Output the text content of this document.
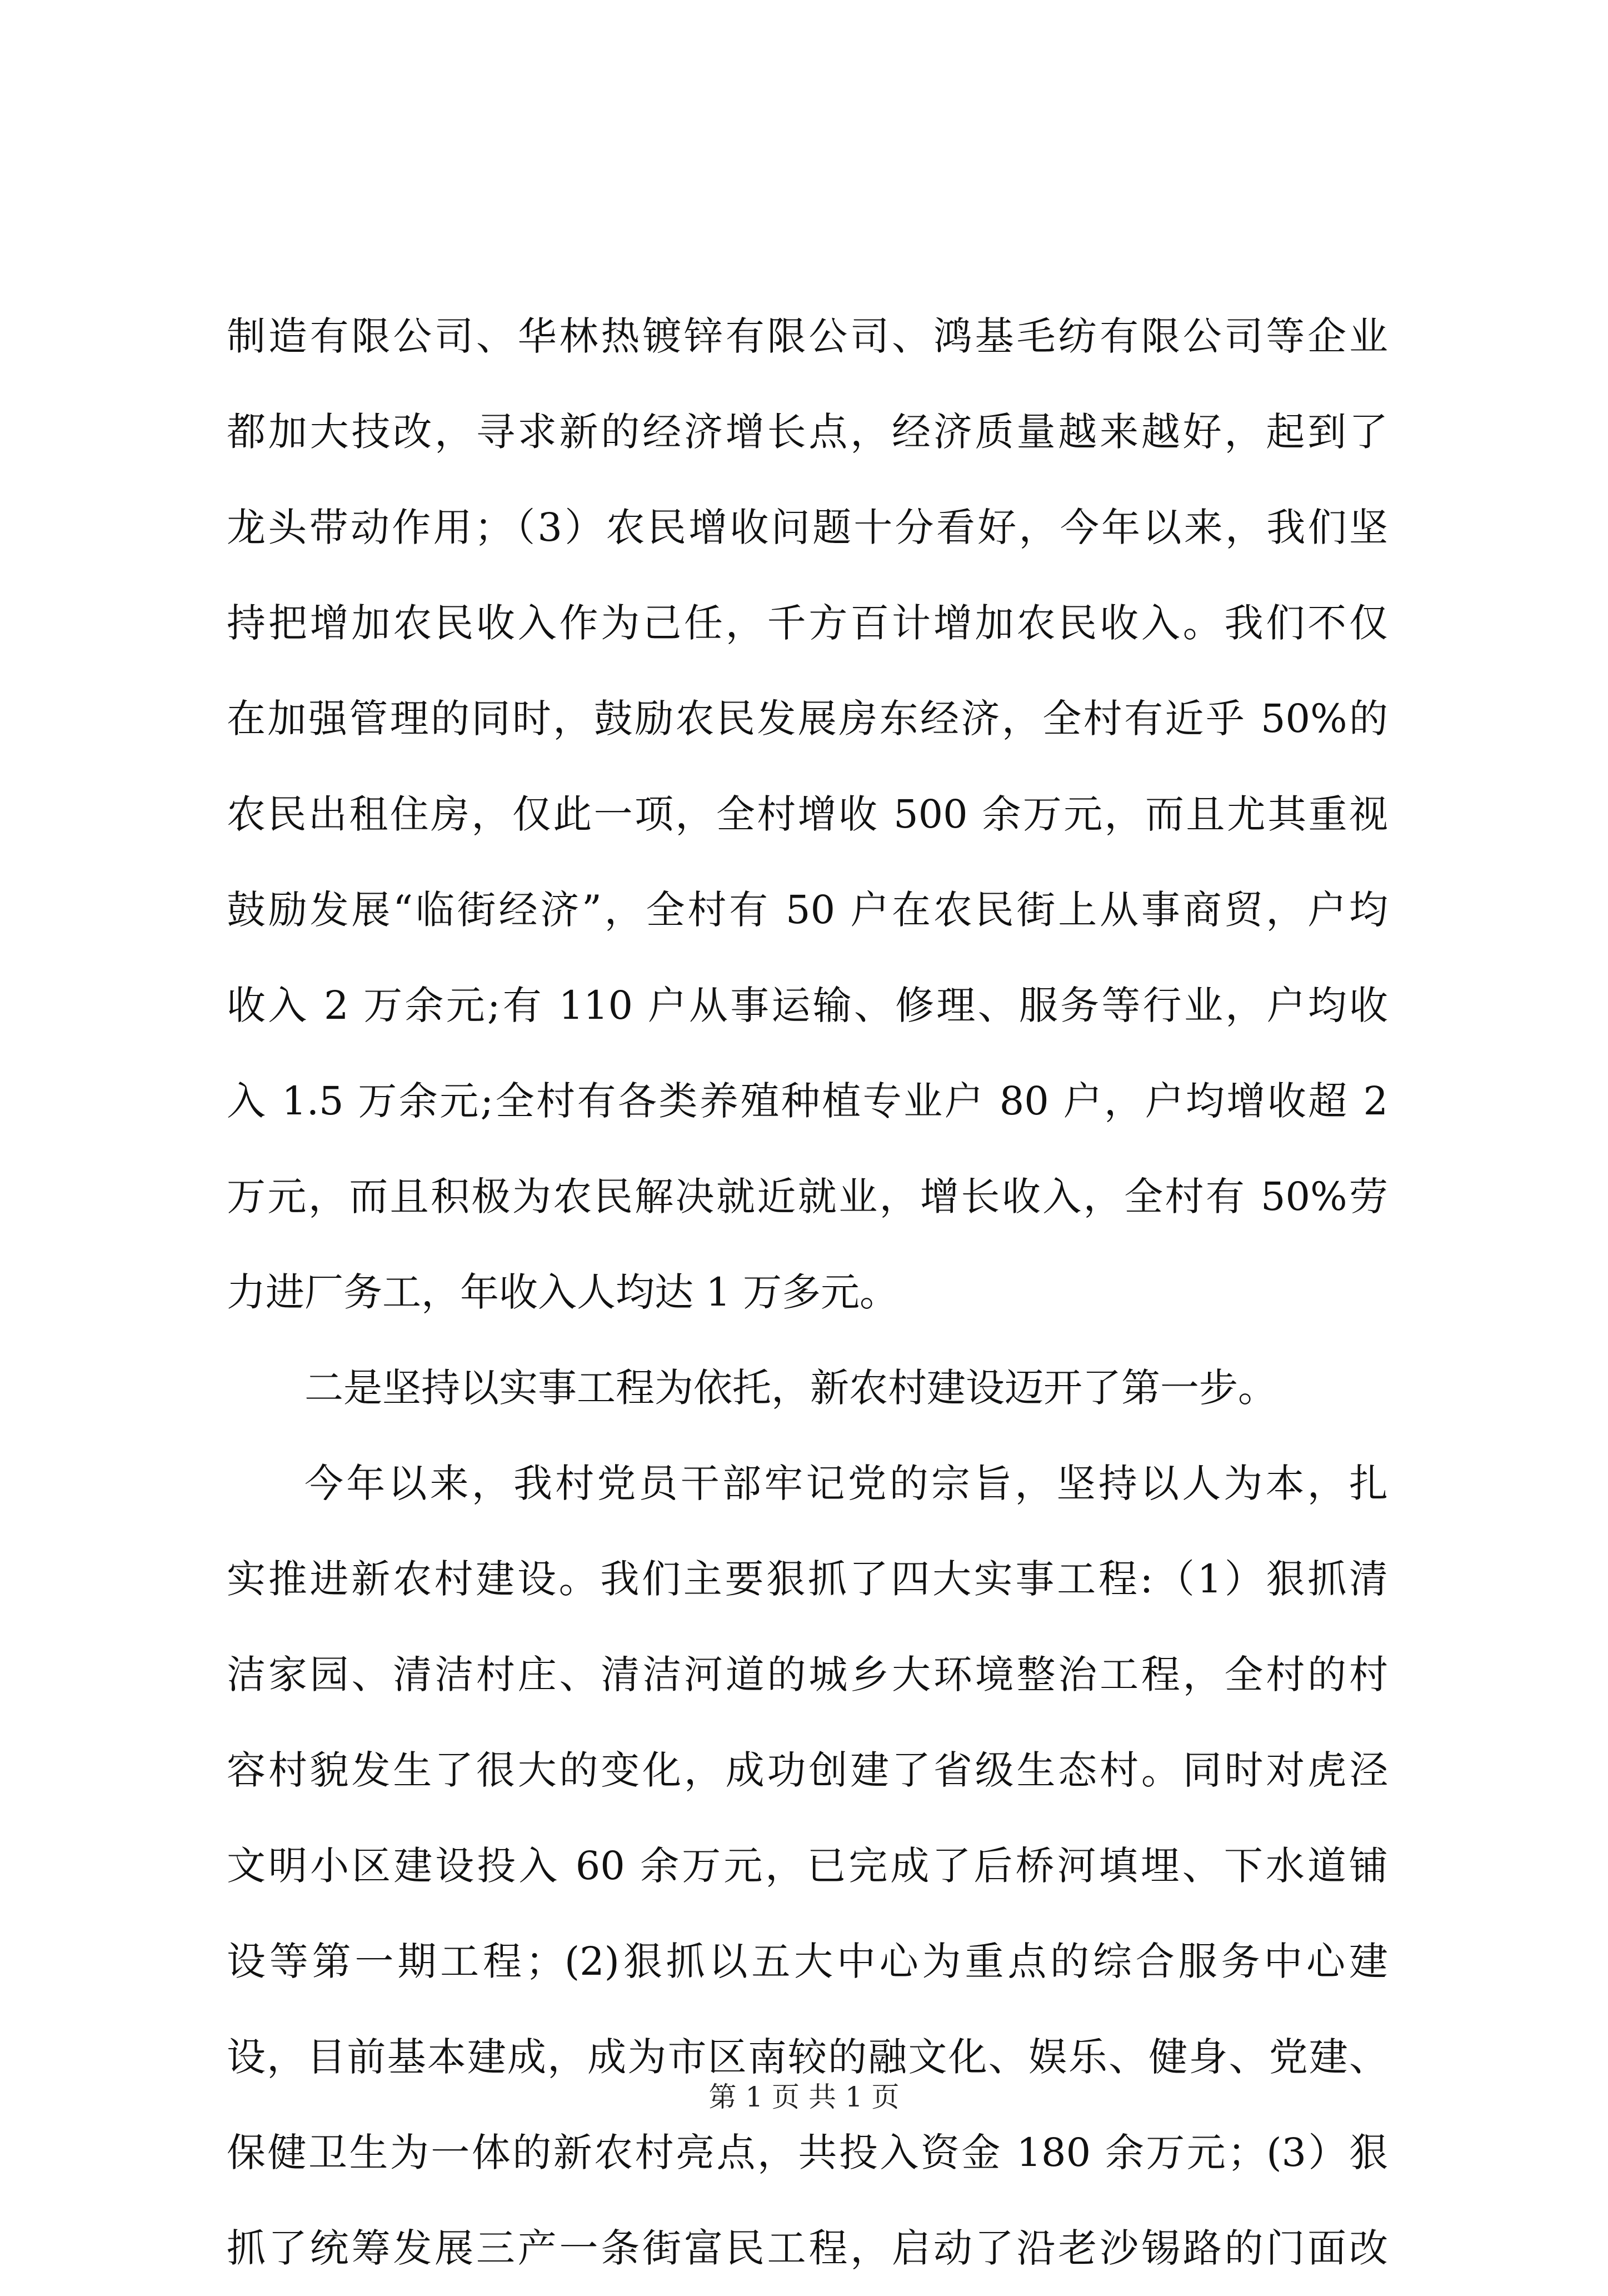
制造有限公司、华林热镀锌有限公司、鸿基毛纺有限公司等企业
都加大技改，寻求新的经济增长点，经济质量越来越好，起到了
龙头带动作用；（3）农民增收问题十分看好，今年以来，我们坚
持把增加农民收入作为己任，千方百计增加农民收入。我们不仅
在加强管理的同时，鼓励农民发展房东经济，全村有近乎 50%的
农民出租住房，仅此一项，全村增收 500 余万元，而且尤其重视
鼓励发展“临街经济”，全村有 50 户在农民街上从事商贸，户均
收入 2 万余元;有 110 户从事运输、修理、服务等行业，户均收
入 1.5 万余元;全村有各类养殖种植专业户 80 户，户均增收超 2
万元，而且积极为农民解决就近就业，增长收入，全村有 50%劳
力进厂务工，年收入人均达 1 万多元。
二是坚持以实事工程为依托，新农村建设迈开了第一步。
今年以来，我村党员干部牢记党的宗旨，坚持以人为本，扎
实推进新农村建设。我们主要狠抓了四大实事工程:（1）狠抓清
洁家园、清洁村庄、清洁河道的城乡大环境整治工程，全村的村
容村貌发生了很大的变化，成功创建了省级生态村。同时对虎泾
文明小区建设投入 60 余万元，已完成了后桥河填埋、下水道铺
设等第一期工程；(2)狠抓以五大中心为重点的综合服务中心建
设，目前基本建成，成为市区南较的融文化、娱乐、健身、党建、
保健卫生为一体的新农村亮点，共投入资金 180 余万元；(3）狠
抓了统筹发展三产一条街富民工程，启动了沿老沙锡路的门面改
第 1 页 共 1 页
